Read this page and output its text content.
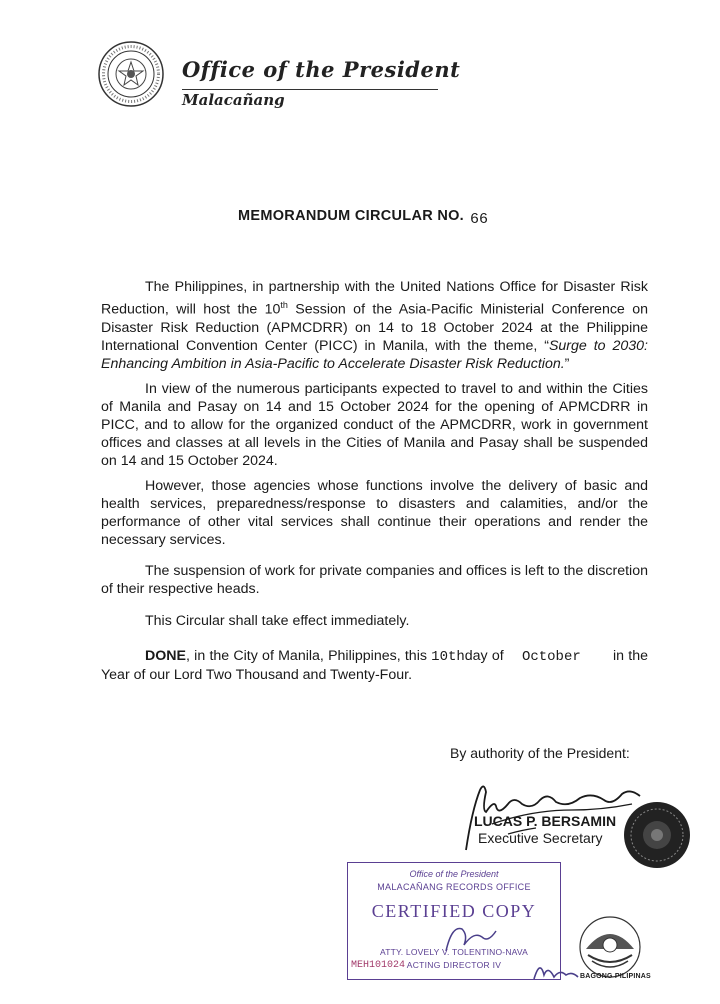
Office of the President
Malacañang
MEMORANDUM CIRCULAR NO. 66
The Philippines, in partnership with the United Nations Office for Disaster Risk Reduction, will host the 10th Session of the Asia-Pacific Ministerial Conference on Disaster Risk Reduction (APMCDRR) on 14 to 18 October 2024 at the Philippine International Convention Center (PICC) in Manila, with the theme, “Surge to 2030: Enhancing Ambition in Asia-Pacific to Accelerate Disaster Risk Reduction.”
In view of the numerous participants expected to travel to and within the Cities of Manila and Pasay on 14 and 15 October 2024 for the opening of APMCDRR in PICC, and to allow for the organized conduct of the APMCDRR, work in government offices and classes at all levels in the Cities of Manila and Pasay shall be suspended on 14 and 15 October 2024.
However, those agencies whose functions involve the delivery of basic and health services, preparedness/response to disasters and calamities, and/or the performance of other vital services shall continue their operations and render the necessary services.
The suspension of work for private companies and offices is left to the discretion of their respective heads.
This Circular shall take effect immediately.
DONE, in the City of Manila, Philippines, this 10thday of October in the Year of our Lord Two Thousand and Twenty-Four.
By authority of the President:
LUCAS P. BERSAMIN
Executive Secretary
Office of the President
MALACAÑANG RECORDS OFFICE
CERTIFIED COPY
ATTY. LOVELY V. TOLENTINO-NAVA
ACTING DIRECTOR IV
MEH101024
BAGONG PILIPINAS
